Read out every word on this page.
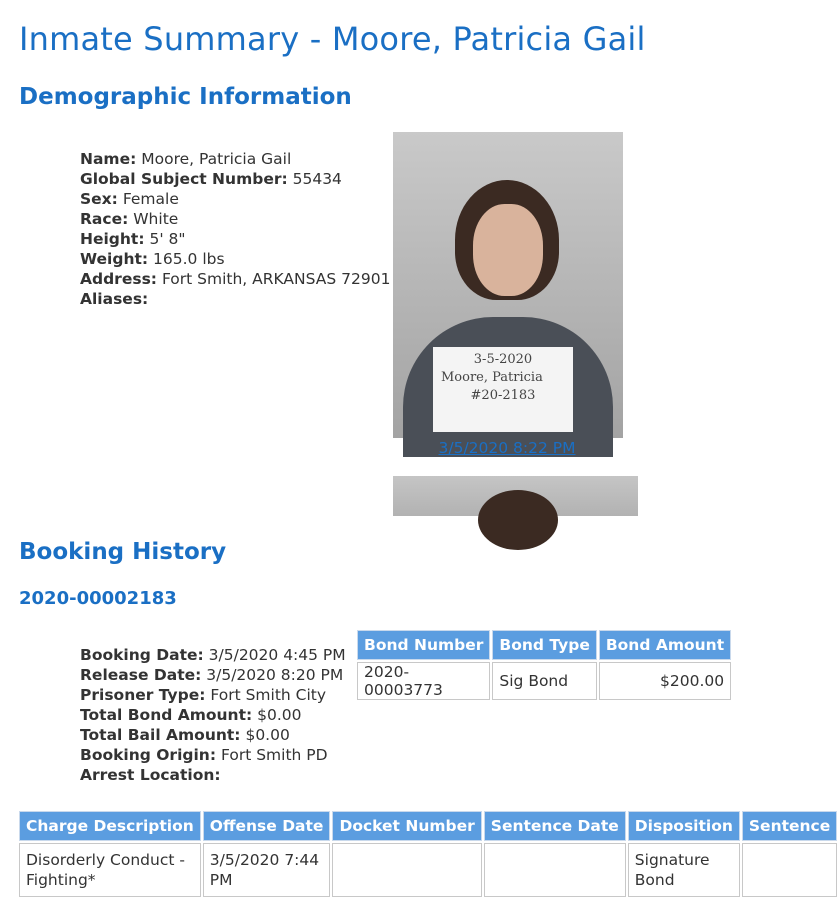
Inmate Summary - Moore, Patricia Gail
Demographic Information
Name: Moore, Patricia Gail
Global Subject Number: 55434
Sex: Female
Race: White
Height: 5' 8"
Weight: 165.0 lbs
Address: Fort Smith, ARKANSAS 72901
Aliases:
3-5-2020
Moore, Patricia
#20-2183
3/5/2020 8:22 PM
Booking History
2020-00002183
Booking Date: 3/5/2020 4:45 PM
Release Date: 3/5/2020 8:20 PM
Prisoner Type: Fort Smith City
Total Bond Amount: $0.00
Total Bail Amount: $0.00
Booking Origin: Fort Smith PD
Arrest Location:
Bond Number	Bond Type	Bond Amount
2020-00003773	Sig Bond	$200.00
Charge Description	Offense Date	Docket Number	Sentence Date	Disposition	Sentence
Disorderly Conduct - Fighting*	3/5/2020 7:44 PM			Signature Bond	
